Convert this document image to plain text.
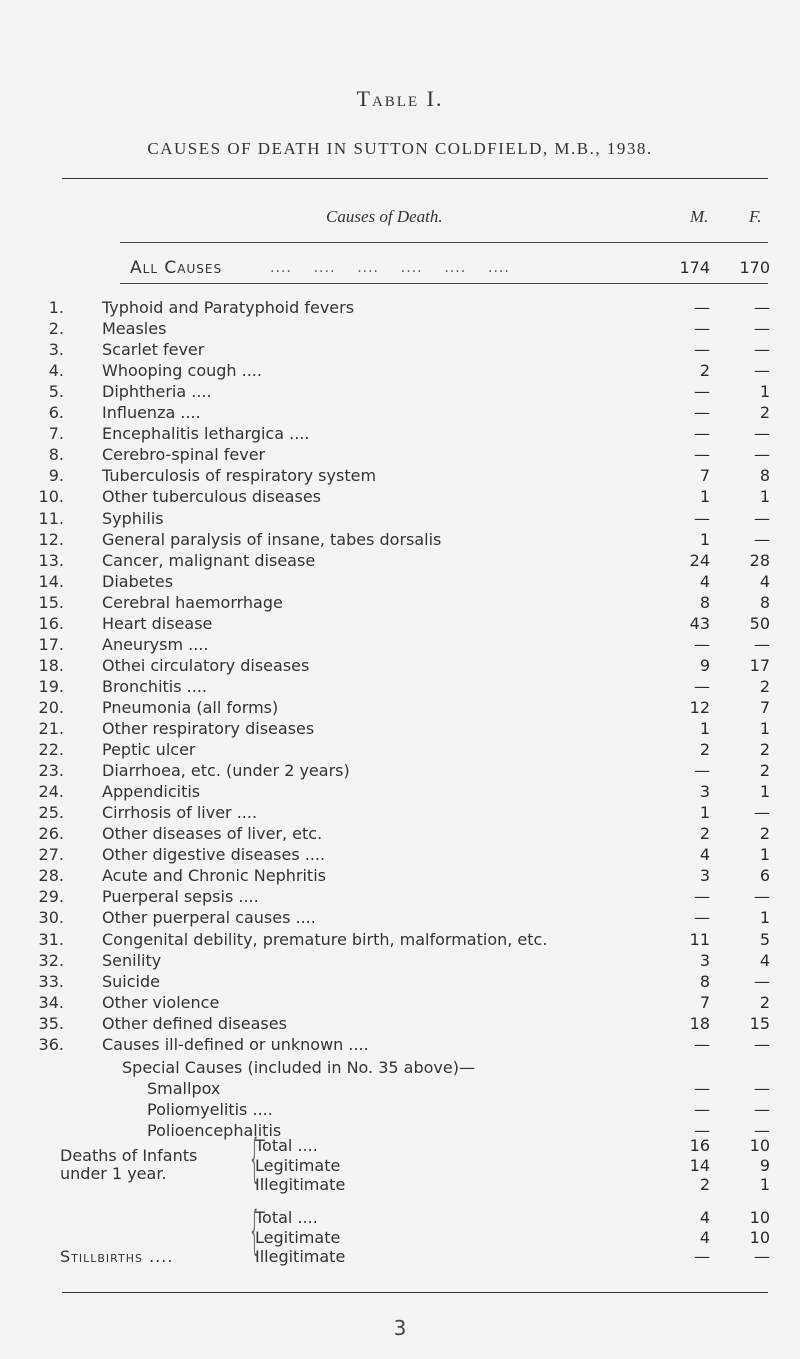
Table I.
CAUSES OF DEATH IN SUTTON COLDFIELD, M.B., 1938.
Causes of Death.	M. F.
All Causes	....    ....    ....    ....    ....    ....	174	170
1. Typhoid and Paratyphoid fevers	—	—
2. Measles	—	—
3. Scarlet fever	—	—
4. Whooping cough ....	2	—
5. Diphtheria ....	—	1
6. Influenza ....	—	2
7. Encephalitis lethargica ....	—	—
8. Cerebro-spinal fever	—	—
9. Tuberculosis of respiratory system	7	8
10. Other tuberculous diseases	1	1
11. Syphilis	—	—
12. General paralysis of insane, tabes dorsalis	1	—
13. Cancer, malignant disease	24	28
14. Diabetes	4	4
15. Cerebral haemorrhage	8	8
16. Heart disease	43	50
17. Aneurysm ....	—	—
18. Othei circulatory diseases	9	17
19. Bronchitis ....	—	2
20. Pneumonia (all forms)	12	7
21. Other respiratory diseases	1	1
22. Peptic ulcer	2	2
23. Diarrhoea, etc. (under 2 years)	—	2
24. Appendicitis	3	1
25. Cirrhosis of liver ....	1	—
26. Other diseases of liver, etc.	2	2
27. Other digestive diseases ....	4	1
28. Acute and Chronic Nephritis	3	6
29. Puerperal sepsis ....	—	—
30. Other puerperal causes ....	—	1
31. Congenital debility, premature birth, malformation, etc.	11	5
32. Senility	3	4
33. Suicide	8	—
34. Other violence	7	2
35. Other defined diseases	18	15
36. Causes ill-defined or unknown ....	—	—
Special Causes (included in No. 35 above)—
Smallpox	—	—
Poliomyelitis ....	—	—
Polioencephalitis	—	—
Deaths of Infants
under 1 year.
Total ....	16	10
Legitimate	14	9
Illegitimate	2	1
{
Stillbirths ....
Total ....	4	10
Legitimate	4	10
Illegitimate	—	—
{
3
